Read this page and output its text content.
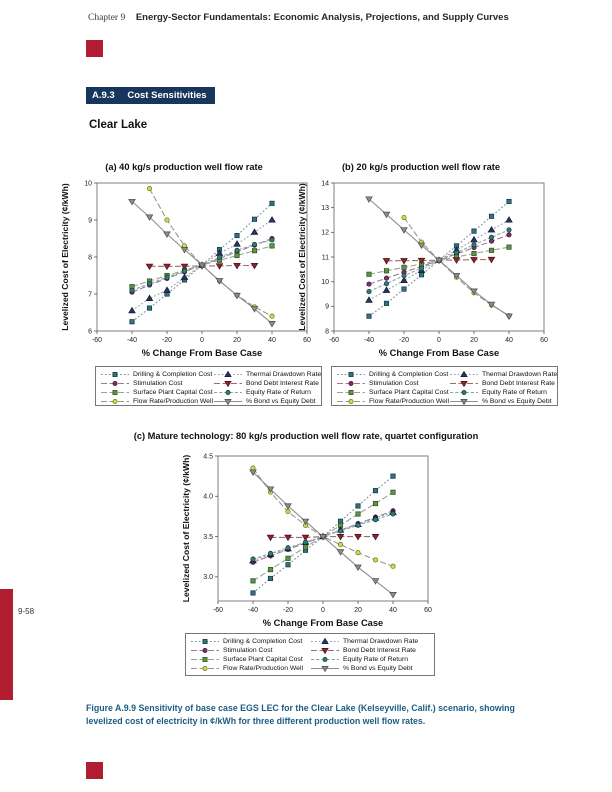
Chapter 9 Energy-Sector Fundamentals: Economic Analysis, Projections, and Supply Curves
A.9.3 Cost Sensitivities
Clear Lake
(a) 40 kg/s production well flow rate	(b) 20 kg/s production well flow rate
(c) Mature technology: 80 kg/s production well flow rate, quartet configuration
-60	-40	-20	0	20	40	60
6
7
8
9
10
% Change From Base Case
Levelized Cost of Electricity (¢/kWh)
-60	-40	-20	0	20	40	60
8
9
10
11
12
13
14
% Change From Base Case
Levelized Cost of Electricity (¢/kWh)
-60	-40	-20	0	20	40	60
3.0
3.5
4.0
4.5
% Change From Base Case
Levelized Cost of Electricity (¢/kWh)
Drilling & Completion Cost
Stimulation Cost
Surface Plant Capital Cost
Flow Rate/Production Well
Thermal Drawdown Rate
Bond Debt Interest Rate
Equity Rate of Return
% Bond vs Equity Debt
Drilling & Completion Cost
Stimulation Cost
Surface Plant Capital Cost
Flow Rate/Production Well
Thermal Drawdown Rate
Bond Debt Interest Rate
Equity Rate of Return
% Bond vs Equity Debt
Drilling & Completion Cost
Stimulation Cost
Surface Plant Capital Cost
Flow Rate/Production Well
Thermal Drawdown Rate
Bond Debt Interest Rate
Equity Rate of Return
% Bond vs Equity Debt
9-58
Figure A.9.9 Sensitivity of base case EGS LEC for the Clear Lake (Kelseyville, Calif.) scenario, showing levelized cost of electricity in ¢/kWh for three different production well flow rates.
